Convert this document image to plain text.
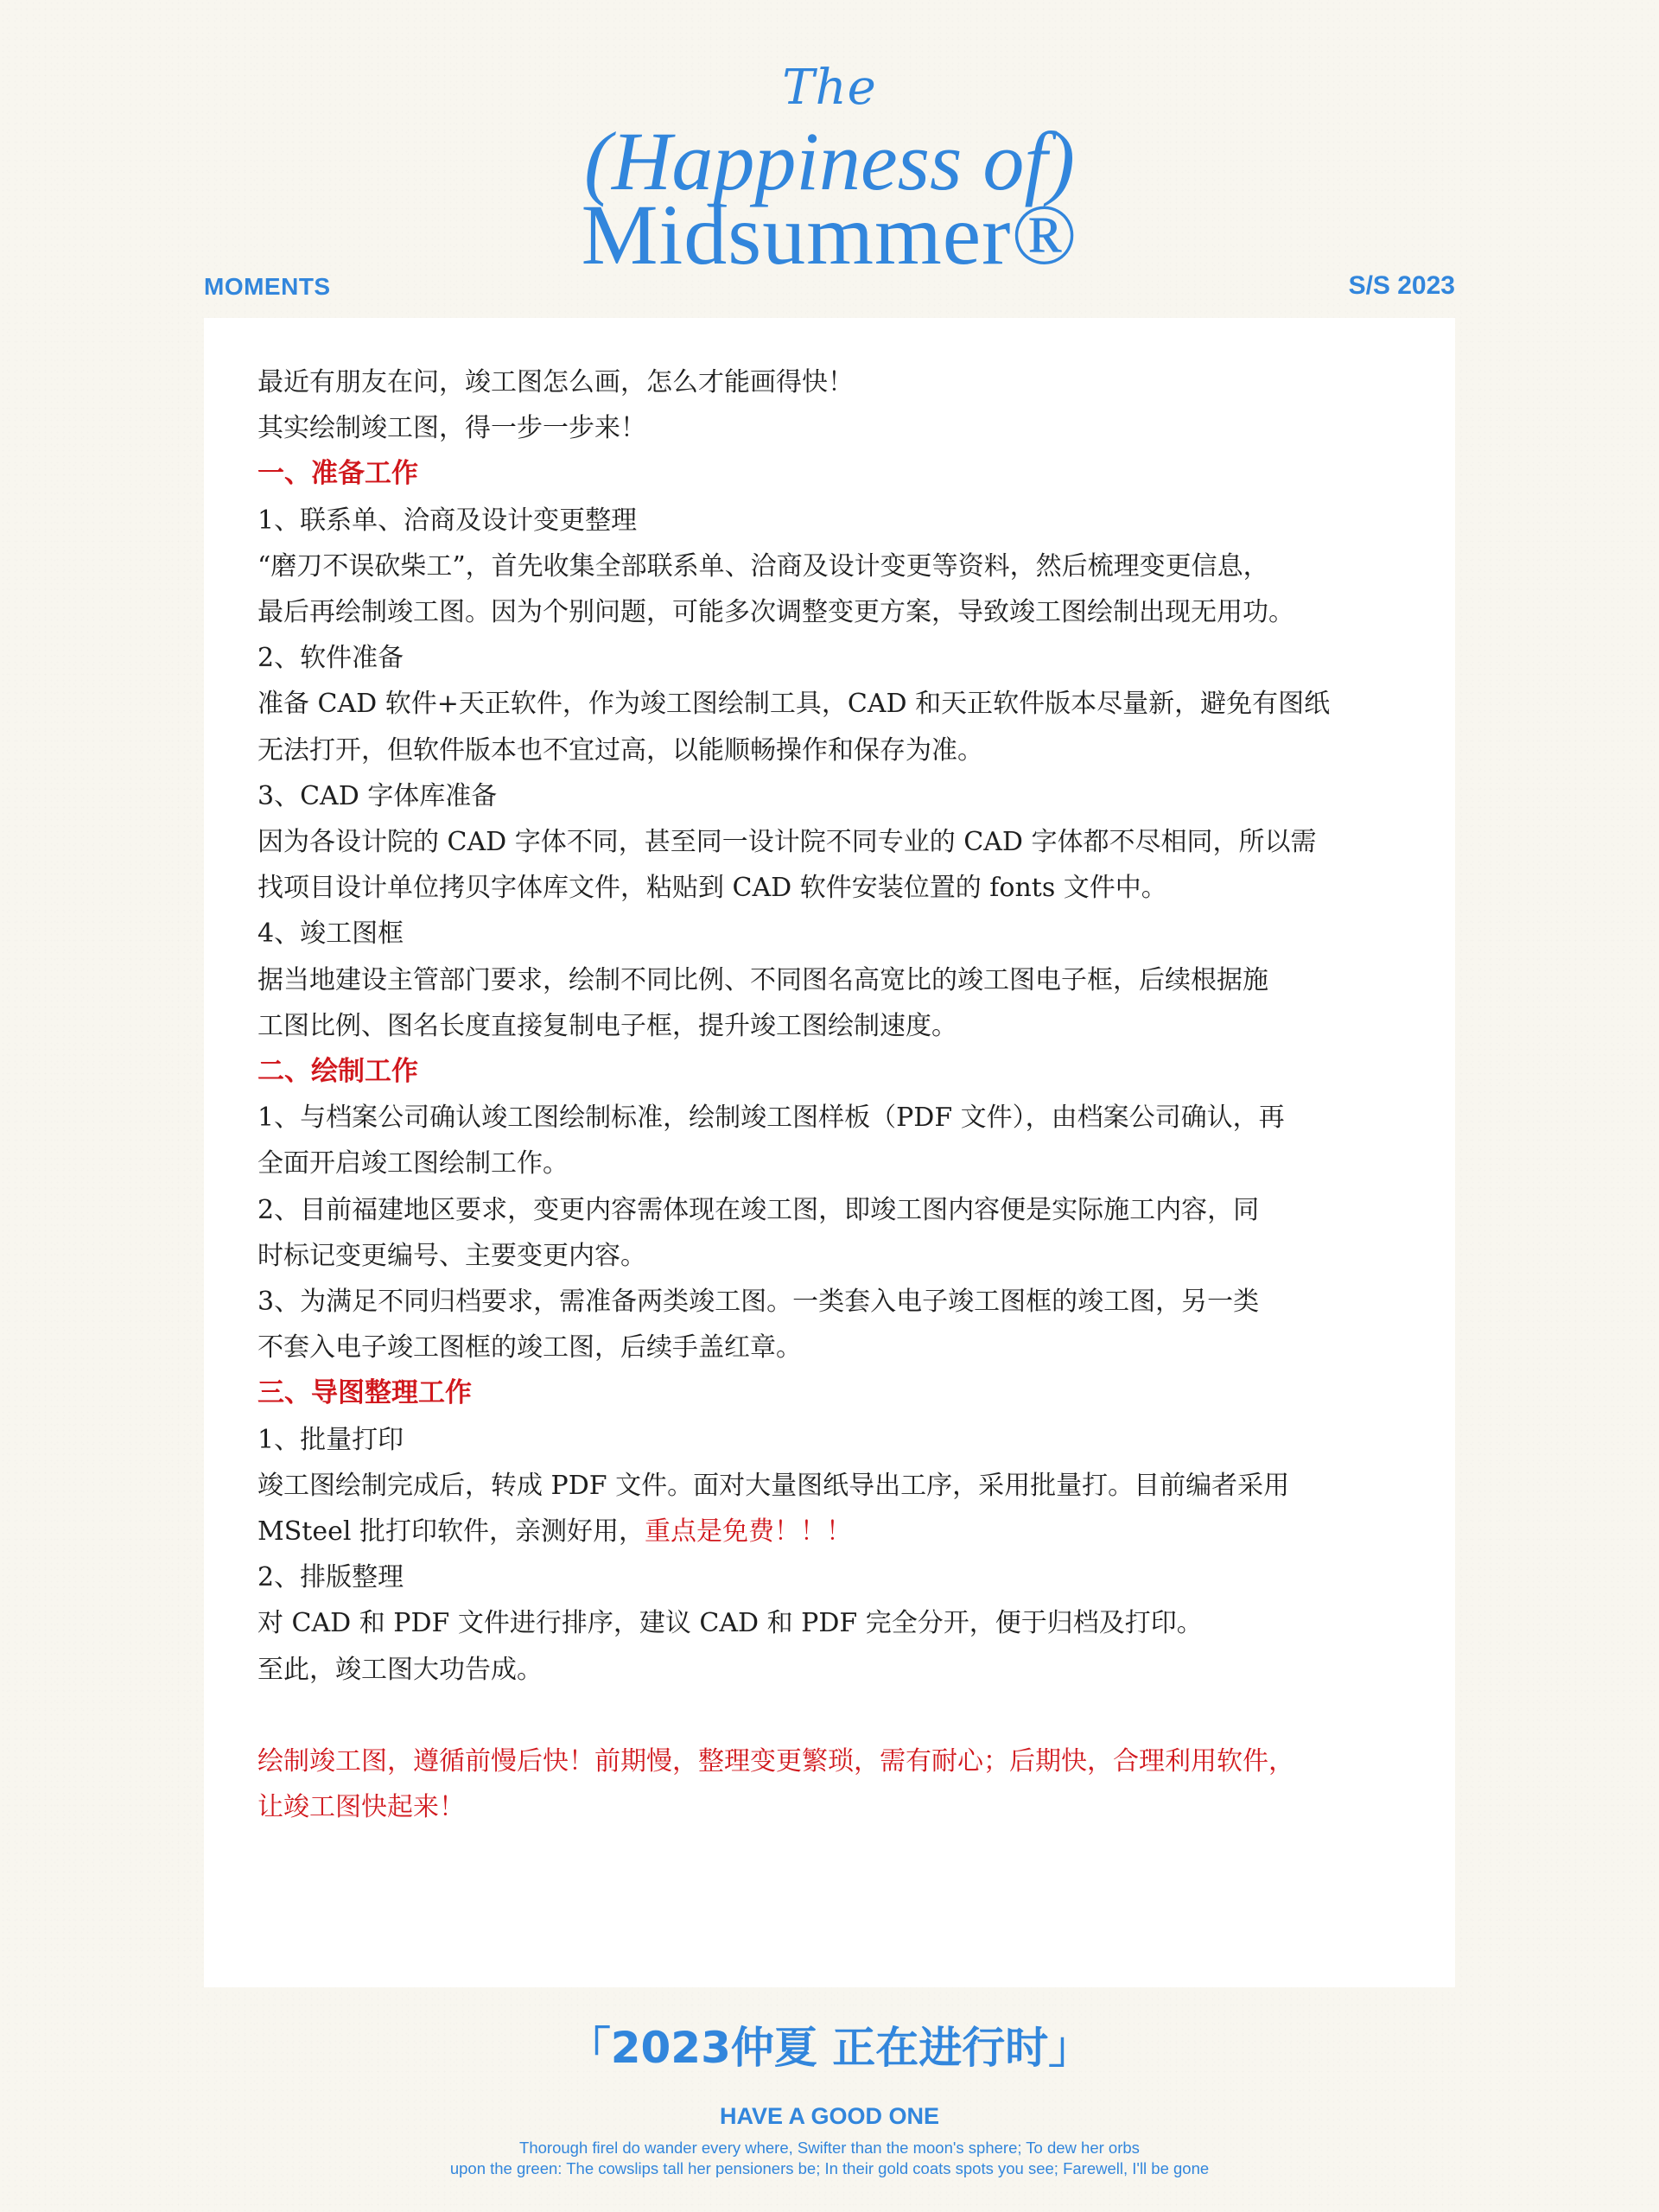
The
(Happiness of)
Midsummer®
MOMENTS	S/S 2023

最近有朋友在问，竣工图怎么画，怎么才能画得快！

其实绘制竣工图，得一步一步来！

一、准备工作

1、联系单、洽商及设计变更整理

“磨刀不误砍柴工”，首先收集全部联系单、洽商及设计变更等资料，然后梳理变更信息，

最后再绘制竣工图。因为个别问题，可能多次调整变更方案，导致竣工图绘制出现无用功。

2、软件准备

准备 CAD 软件+天正软件，作为竣工图绘制工具，CAD 和天正软件版本尽量新，避免有图纸

无法打开，但软件版本也不宜过高，以能顺畅操作和保存为准。

3、CAD 字体库准备

因为各设计院的 CAD 字体不同，甚至同一设计院不同专业的 CAD 字体都不尽相同，所以需

找项目设计单位拷贝字体库文件，粘贴到 CAD 软件安装位置的 fonts 文件中。

4、竣工图框

据当地建设主管部门要求，绘制不同比例、不同图名高宽比的竣工图电子框，后续根据施

工图比例、图名长度直接复制电子框，提升竣工图绘制速度。

二、绘制工作

1、与档案公司确认竣工图绘制标准，绘制竣工图样板（PDF 文件），由档案公司确认，再

全面开启竣工图绘制工作。

2、目前福建地区要求，变更内容需体现在竣工图，即竣工图内容便是实际施工内容，同

时标记变更编号、主要变更内容。

3、为满足不同归档要求，需准备两类竣工图。一类套入电子竣工图框的竣工图，另一类

不套入电子竣工图框的竣工图，后续手盖红章。

三、导图整理工作

1、批量打印

竣工图绘制完成后，转成 PDF 文件。面对大量图纸导出工序，采用批量打。目前编者采用

MSteel 批打印软件，亲测好用，重点是免费！！！

2、排版整理

对 CAD 和 PDF 文件进行排序，建议 CAD 和 PDF 完全分开，便于归档及打印。

至此，竣工图大功告成。

绘制竣工图，遵循前慢后快！前期慢，整理变更繁琐，需有耐心；后期快，合理利用软件，

让竣工图快起来！

「2023仲夏 正在进行时」
HAVE A GOOD ONE
Thorough firel do wander every where, Swifter than the moon's sphere; To dew her orbs
upon the green: The cowslips tall her pensioners be; In their gold coats spots you see; Farewell, I'll be gone
